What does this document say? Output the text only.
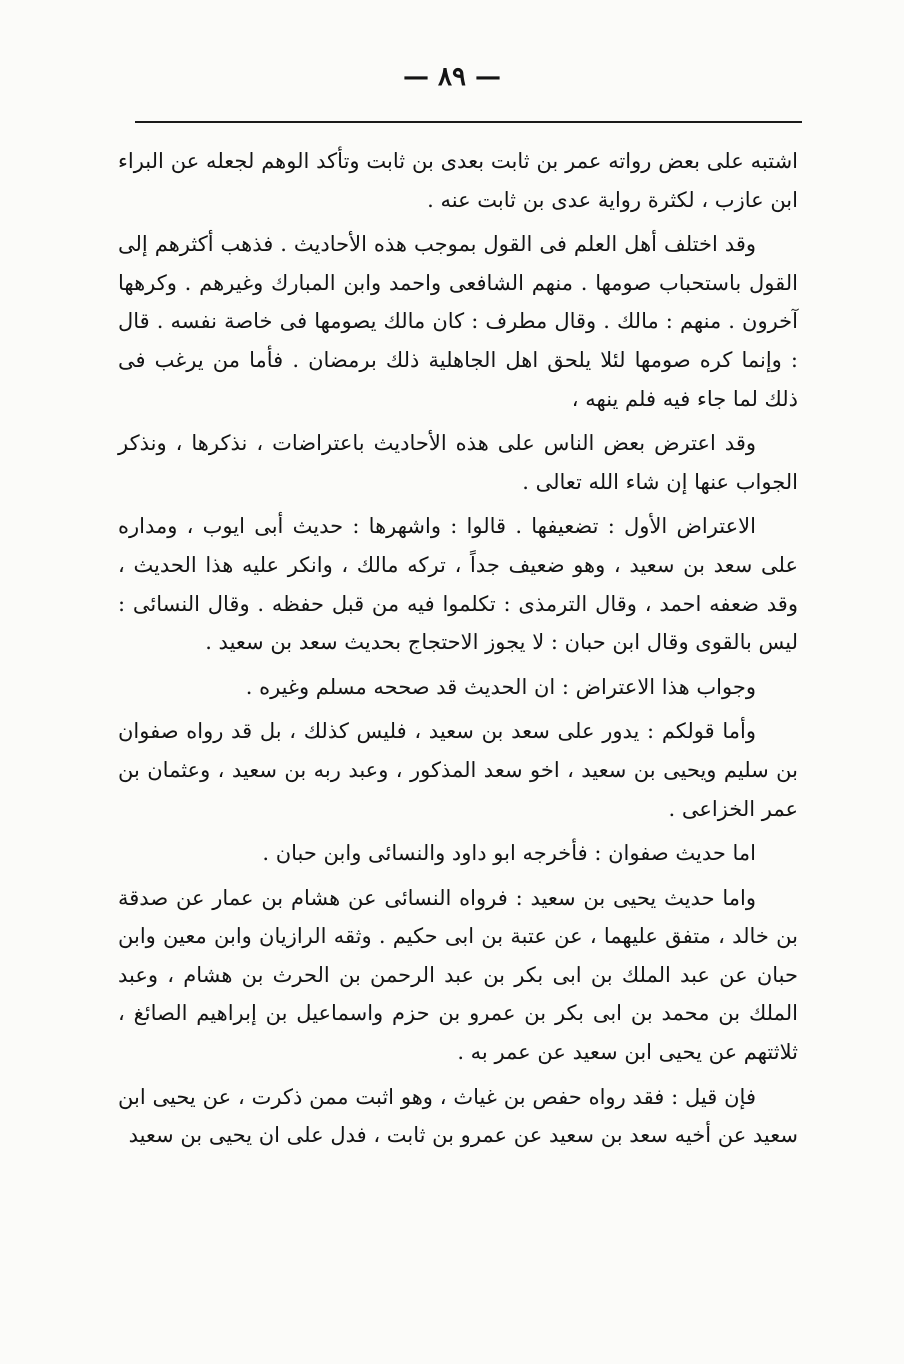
— ٨٩ —

اشتبه على بعض رواته عمر بن ثابت بعدى بن ثابت وتأكد الوهم لجعله عن البراء ابن عازب ، لكثرة رواية عدى بن ثابت عنه .

وقد اختلف أهل العلم فى القول بموجب هذه الأحاديث . فذهب أكثرهم إلى القول باستحباب صومها . منهم الشافعى واحمد وابن المبارك وغيرهم . وكرهها آخرون . منهم : مالك . وقال مطرف : كان مالك يصومها فى خاصة نفسه . قال : وإنما كره صومها لئلا يلحق اهل الجاهلية ذلك برمضان . فأما من يرغب فى ذلك لما جاء فيه فلم ينهه ،

وقد اعترض بعض الناس على هذه الأحاديث باعتراضات ، نذكرها ، ونذكر الجواب عنها إن شاء الله تعالى .

الاعتراض الأول : تضعيفها . قالوا : واشهرها : حديث أبى ايوب ، ومداره على سعد بن سعيد ، وهو ضعيف جداً ، تركه مالك ، وانكر عليه هذا الحديث ، وقد ضعفه احمد ، وقال الترمذى : تكلموا فيه من قبل حفظه . وقال النسائى : ليس بالقوى وقال ابن حبان : لا يجوز الاحتجاج بحديث سعد بن سعيد .

وجواب هذا الاعتراض : ان الحديث قد صححه مسلم وغيره .

وأما قولكم : يدور على سعد بن سعيد ، فليس كذلك ، بل قد رواه صفوان بن سليم ويحيى بن سعيد ، اخو سعد المذكور ، وعبد ربه بن سعيد ، وعثمان بن عمر الخزاعى .

اما حديث صفوان : فأخرجه ابو داود والنسائى وابن حبان .

واما حديث يحيى بن سعيد : فرواه النسائى عن هشام بن عمار عن صدقة بن خالد ، متفق عليهما ، عن عتبة بن ابى حكيم . وثقه الرازيان وابن معين وابن حبان عن عبد الملك بن ابى بكر بن عبد الرحمن بن الحرث بن هشام ، وعبد الملك بن محمد بن ابى بكر بن عمرو بن حزم واسماعيل بن إبراهيم الصائغ ، ثلاثتهم عن يحيى ابن سعيد عن عمر به .

فإن قيل : فقد رواه حفص بن غياث ، وهو اثبت ممن ذكرت ، عن يحيى ابن سعيد عن أخيه سعد بن سعيد عن عمرو بن ثابت ، فدل على ان يحيى بن سعيد
